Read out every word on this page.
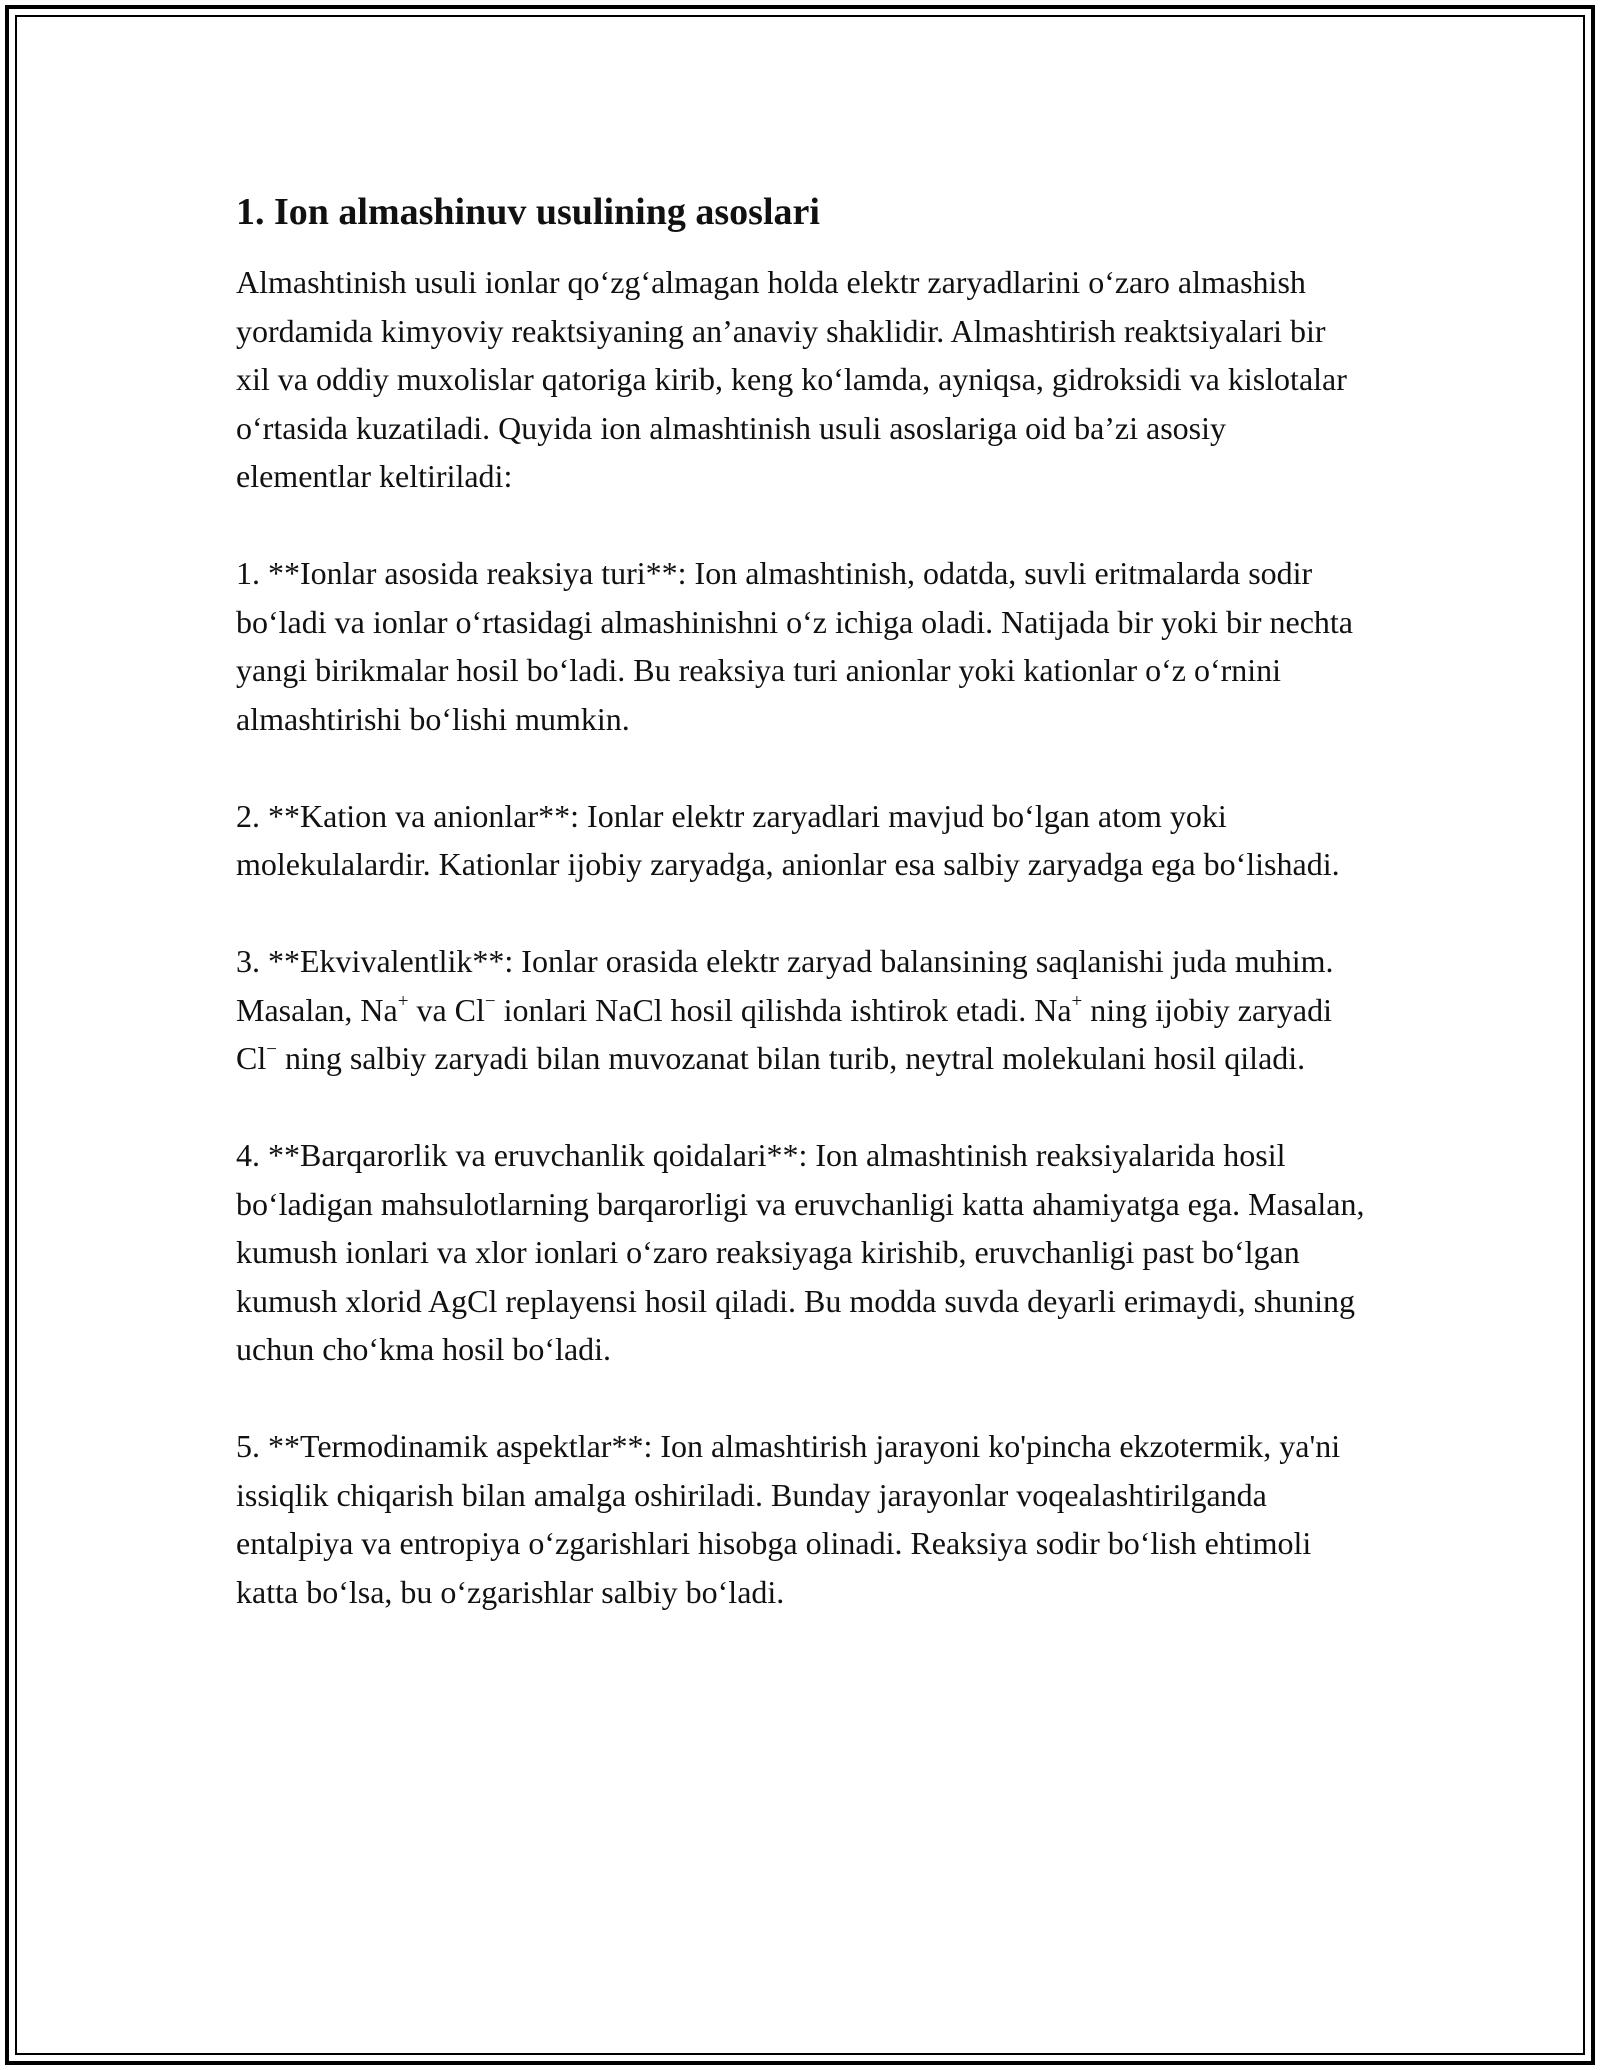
1. Ion almashinuv usulining asoslari

Almashtinish usuli ionlar qo‘zg‘almagan holda elektr zaryadlarini o‘zaro almashish yordamida kimyoviy reaktsiyaning an’anaviy shaklidir. Almashtirish reaktsiyalari bir xil va oddiy muxolislar qatoriga kirib, keng ko‘lamda, ayniqsa, gidroksidi va kislotalar o‘rtasida kuzatiladi. Quyida ion almashtinish usuli asoslariga oid ba’zi asosiy elementlar keltiriladi:

1. **Ionlar asosida reaksiya turi**: Ion almashtinish, odatda, suvli eritmalarda sodir bo‘ladi va ionlar o‘rtasidagi almashinishni o‘z ichiga oladi. Natijada bir yoki bir nechta yangi birikmalar hosil bo‘ladi. Bu reaksiya turi anionlar yoki kationlar o‘z o‘rnini almashtirishi bo‘lishi mumkin.

2. **Kation va anionlar**: Ionlar elektr zaryadlari mavjud bo‘lgan atom yoki molekulalardir. Kationlar ijobiy zaryadga, anionlar esa salbiy zaryadga ega bo‘lishadi.

3. **Ekvivalentlik**: Ionlar orasida elektr zaryad balansining saqlanishi juda muhim. Masalan, Na+ va Cl− ionlari NaCl hosil qilishda ishtirok etadi. Na+ ning ijobiy zaryadi Cl− ning salbiy zaryadi bilan muvozanat bilan turib, neytral molekulani hosil qiladi.

4. **Barqarorlik va eruvchanlik qoidalari**: Ion almashtinish reaksiyalarida hosil bo‘ladigan mahsulotlarning barqarorligi va eruvchanligi katta ahamiyatga ega. Masalan, kumush ionlari va xlor ionlari o‘zaro reaksiyaga kirishib, eruvchanligi past bo‘lgan kumush xlorid AgCl replayensi hosil qiladi. Bu modda suvda deyarli erimaydi, shuning uchun cho‘kma hosil bo‘ladi.

5. **Termodinamik aspektlar**: Ion almashtirish jarayoni ko'pincha ekzotermik, ya'ni issiqlik chiqarish bilan amalga oshiriladi. Bunday jarayonlar voqealashtirilganda entalpiya va entropiya o‘zgarishlari hisobga olinadi. Reaksiya sodir bo‘lish ehtimoli katta bo‘lsa, bu o‘zgarishlar salbiy bo‘ladi.
